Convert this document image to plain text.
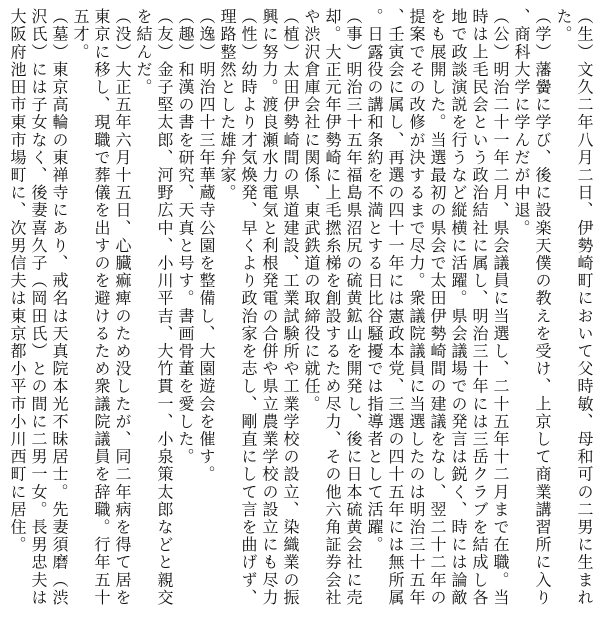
（生）文久二年八月二日、伊勢崎町において父時敏、母和可の二男に生まれた。

（学）藩黌に学び、後に設楽天僕の教えを受け、上京して商業講習所に入り、商科大学に学んだが中退。

（公）明治二十一年二月、県会議員に当選し、二十五年十二月まで在職。当時は上毛民会という政治結社に属し、明治三十年には三岳クラブを結成し各地で政談演説を行うなど縦横に活躍。県会議場での発言は鋭く、時には論敵をも展開した。当選最初の県会で太田伊勢崎間の建議をなし、翌二十二年の提案でその改修が決するまで尽力。衆議院議員に当選したのは明治三十五年、壬寅会に属し、再選の四十一年には憲政本党、三選の四十五年には無所属。日露役の講和条約を不満とする日比谷騒擾では指導者として活躍。

（事）明治三十五年福島県沼尻の硫黄鉱山を開発し、後に日本硫黄会社に売却。大正元年伊勢崎に上毛撚糸梯を創設するため尽力、その他六角証券会社や渋沢倉庫会社に関係、東武鉄道の取締役に就任。

（植）太田伊勢崎間の県道建設、工業試験所や工業学校の設立、染織業の振興に努力。渡良瀬水力電気と利根発電の合併や県立農業学校の設立にも尽力

（性）幼時より才気煥発、早くより政治家を志し、剛直にして言を曲げず、理路整然とした雄弁家。

（逸）明治四十三年華蔵寺公園を整備し、大園遊会を催す。

（趣）和漢の書を研究、天真と号す。書画骨董を愛した。

（友）金子堅太郎、河野広中、小川平吉、大竹貫一、小泉策太郎などと親交を結んだ。

（没）大正五年六月十五日、心臓痲痺のため没したが、同二年病を得て居を東京に移し、現職で葬儀を出すのを避けるため衆議院議員を辞職。行年五十五才。

（墓）東京高輪の東禅寺にあり、戒名は天真院本光不昧居士。先妻須磨（渋沢氏）には子女なく、後妻喜久子（岡田氏）との間に二男一女。長男忠夫は大阪府池田市東市場町に、次男信夫は東京都小平市小川西町に居住。
